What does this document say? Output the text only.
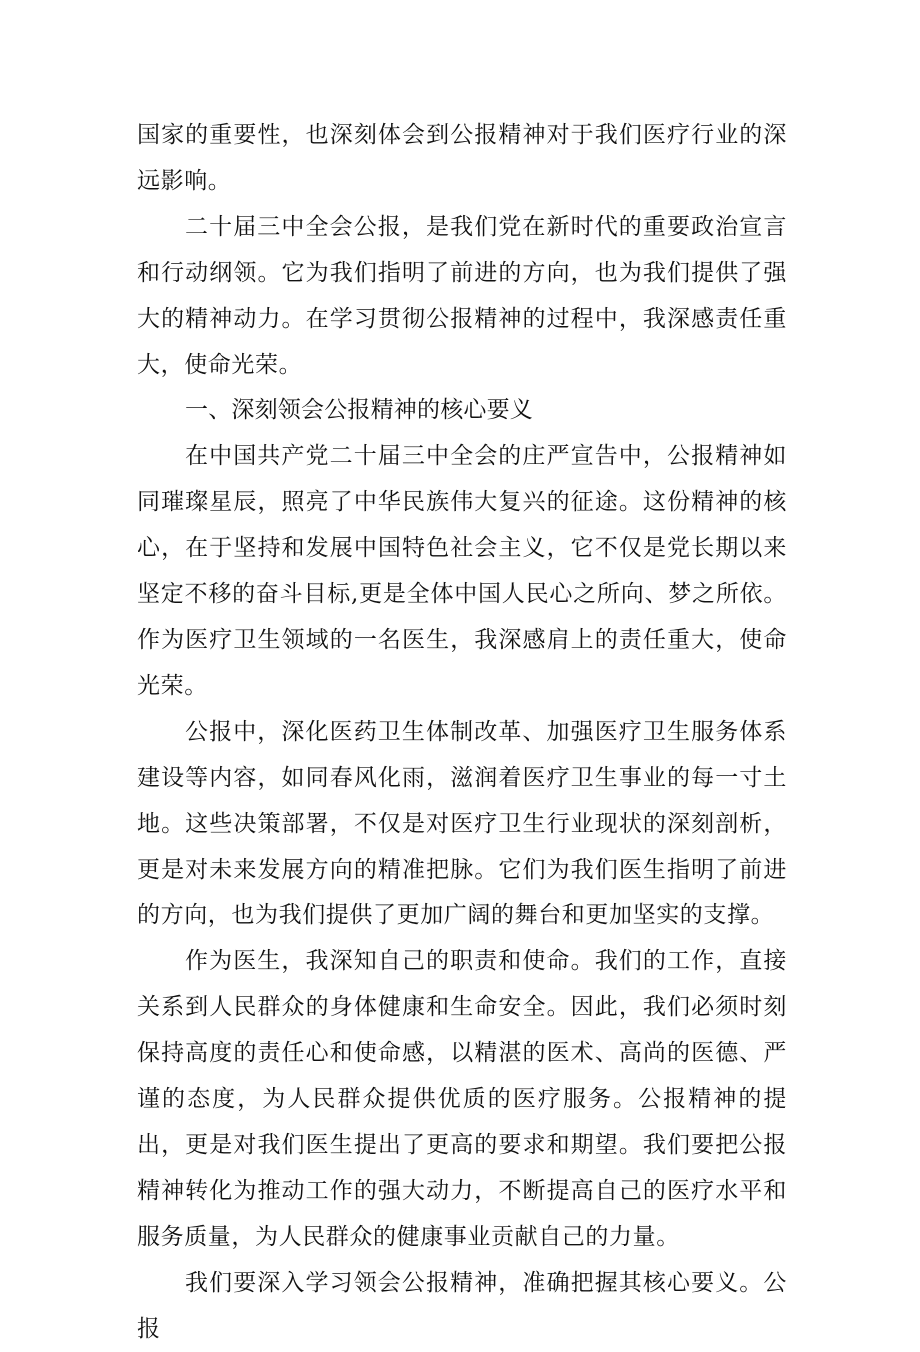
国家的重要性，也深刻体会到公报精神对于我们医疗行业的深远影响。

二十届三中全会公报，是我们党在新时代的重要政治宣言和行动纲领。它为我们指明了前进的方向，也为我们提供了强大的精神动力。在学习贯彻公报精神的过程中，我深感责任重大，使命光荣。

一、深刻领会公报精神的核心要义

在中国共产党二十届三中全会的庄严宣告中，公报精神如同璀璨星辰，照亮了中华民族伟大复兴的征途。这份精神的核心，在于坚持和发展中国特色社会主义，它不仅是党长期以来坚定不移的奋斗目标,更是全体中国人民心之所向、梦之所依。作为医疗卫生领域的一名医生，我深感肩上的责任重大，使命光荣。

公报中，深化医药卫生体制改革、加强医疗卫生服务体系建设等内容，如同春风化雨，滋润着医疗卫生事业的每一寸土地。这些决策部署，不仅是对医疗卫生行业现状的深刻剖析，更是对未来发展方向的精准把脉。它们为我们医生指明了前进的方向，也为我们提供了更加广阔的舞台和更加坚实的支撑。

作为医生，我深知自己的职责和使命。我们的工作，直接关系到人民群众的身体健康和生命安全。因此，我们必须时刻保持高度的责任心和使命感，以精湛的医术、高尚的医德、严谨的态度，为人民群众提供优质的医疗服务。公报精神的提出，更是对我们医生提出了更高的要求和期望。我们要把公报精神转化为推动工作的强大动力，不断提高自己的医疗水平和服务质量，为人民群众的健康事业贡献自己的力量。

我们要深入学习领会公报精神，准确把握其核心要义。公报
